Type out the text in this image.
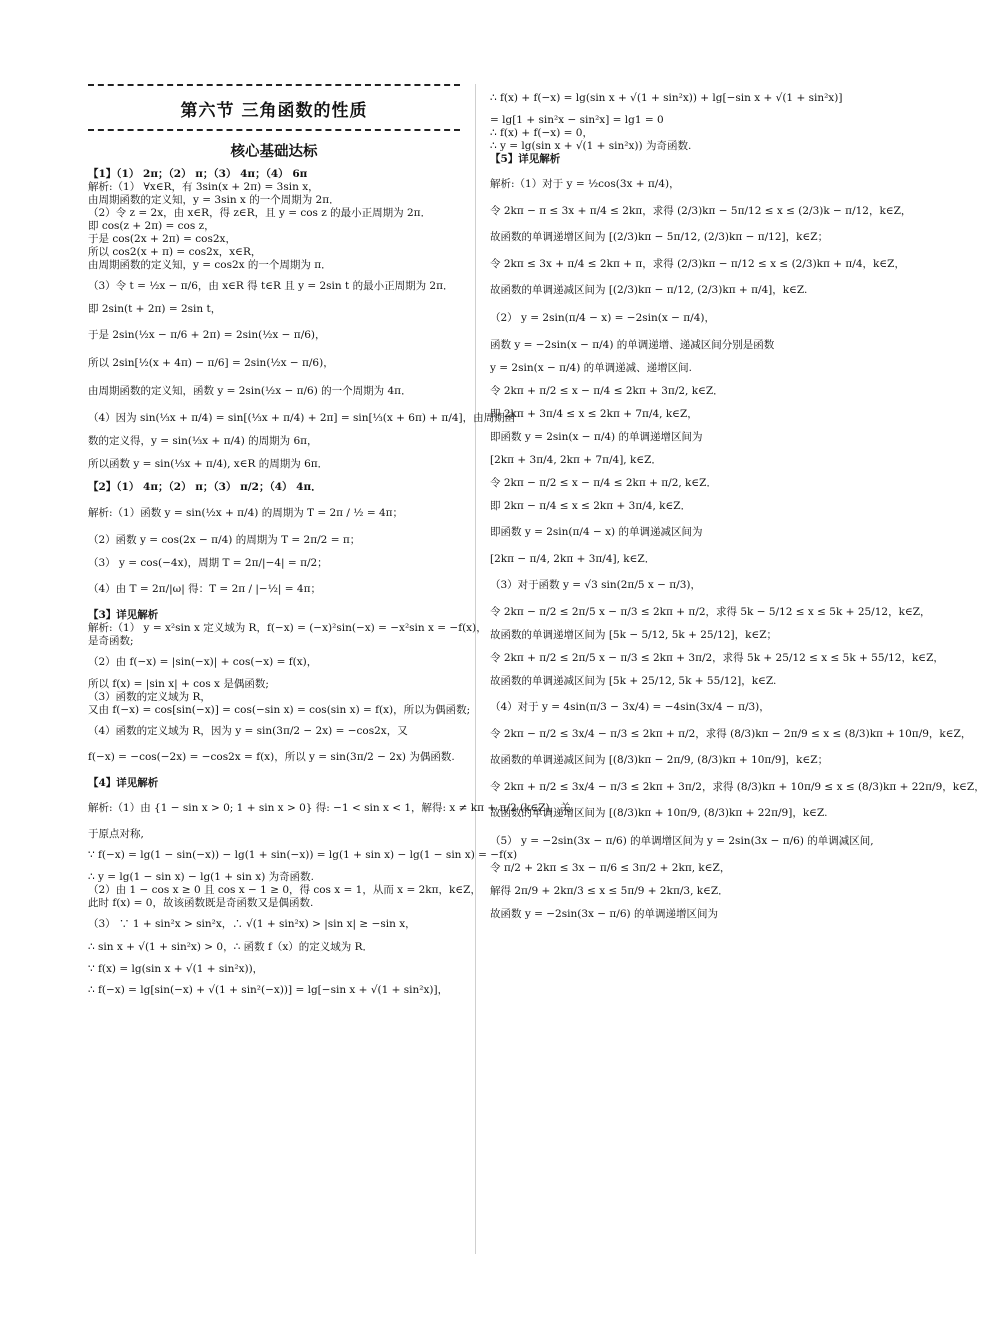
第六节 三角函数的性质
核心基础达标
【1】（1） 2π；（2） π；（3） 4π；（4） 6π
解析:（1） ∀x∈R，有 3sin(x + 2π) = 3sin x，
由周期函数的定义知，y = 3sin x 的一个周期为 2π．
（2）令 z = 2x，由 x∈R，得 z∈R，且 y = cos z 的最小正周期为 2π．
即 cos(z + 2π) = cos z，
于是 cos(2x + 2π) = cos2x，
所以 cos2(x + π) = cos2x，x∈R，
由周期函数的定义知，y = cos2x 的一个周期为 π．
（3）令 t = ½x − π/6，由 x∈R 得 t∈R 且 y = 2sin t 的最小正周期为 2π．
即 2sin(t + 2π) = 2sin t，
于是 2sin(½x − π/6 + 2π) = 2sin(½x − π/6)，
所以 2sin[½(x + 4π) − π/6] = 2sin(½x − π/6)，
由周期函数的定义知，函数 y = 2sin(½x − π/6) 的一个周期为 4π．
（4）因为 sin(⅓x + π/4) = sin[(⅓x + π/4) + 2π] = sin[⅓(x + 6π) + π/4]，由周期函
数的定义得，y = sin(⅓x + π/4) 的周期为 6π，
所以函数 y = sin(⅓x + π/4), x∈R 的周期为 6π．
【2】（1） 4π；（2） π；（3） π/2；（4） 4π．
解析:（1）函数 y = sin(½x + π/4) 的周期为 T = 2π / ½ = 4π；
（2）函数 y = cos(2x − π/4) 的周期为 T = 2π/2 = π；
（3） y = cos(−4x)，周期 T = 2π/|−4| = π/2；
（4）由 T = 2π/|ω| 得：T = 2π / |−½| = 4π；
【3】详见解析
解析:（1） y = x²sin x 定义域为 R，f(−x) = (−x)²sin(−x) = −x²sin x = −f(x)，
是奇函数;
（2）由 f(−x) = |sin(−x)| + cos(−x) = f(x)，
所以 f(x) = |sin x| + cos x 是偶函数;
（3）函数的定义域为 R，
又由 f(−x) = cos[sin(−x)] = cos(−sin x) = cos(sin x) = f(x)，所以为偶函数;
（4）函数的定义域为 R，因为 y = sin(3π/2 − 2x) = −cos2x，又
f(−x) = −cos(−2x) = −cos2x = f(x)，所以 y = sin(3π/2 − 2x) 为偶函数.
【4】详见解析
解析:（1）由 {1 − sin x > 0; 1 + sin x > 0} 得: −1 < sin x < 1，解得: x ≠ kπ + π/2 (k∈Z)，关
于原点对称,
∵ f(−x) = lg(1 − sin(−x)) − lg(1 + sin(−x)) = lg(1 + sin x) − lg(1 − sin x) = −f(x)
∴ y = lg(1 − sin x) − lg(1 + sin x) 为奇函数.
（2）由 1 − cos x ≥ 0 且 cos x − 1 ≥ 0，得 cos x = 1，从而 x = 2kπ，k∈Z，
此时 f(x) = 0，故该函数既是奇函数又是偶函数.
（3） ∵ 1 + sin²x > sin²x，∴ √(1 + sin²x) > |sin x| ≥ −sin x，
∴ sin x + √(1 + sin²x) > 0，∴ 函数 f（x）的定义域为 R．
∵ f(x) = lg(sin x + √(1 + sin²x))，
∴ f(−x) = lg[sin(−x) + √(1 + sin²(−x))] = lg[−sin x + √(1 + sin²x)]，
∴ f(x) + f(−x) = lg(sin x + √(1 + sin²x)) + lg[−sin x + √(1 + sin²x)]
= lg[1 + sin²x − sin²x] = lg1 = 0
∴ f(x) + f(−x) = 0，
∴ y = lg(sin x + √(1 + sin²x)) 为奇函数.
【5】详见解析
解析:（1）对于 y = ½cos(3x + π/4)，
令 2kπ − π ≤ 3x + π/4 ≤ 2kπ，求得 (2/3)kπ − 5π/12 ≤ x ≤ (2/3)k − π/12，k∈Z，
故函数的单调递增区间为 [(2/3)kπ − 5π/12, (2/3)kπ − π/12]，k∈Z；
令 2kπ ≤ 3x + π/4 ≤ 2kπ + π，求得 (2/3)kπ − π/12 ≤ x ≤ (2/3)kπ + π/4，k∈Z，
故函数的单调递减区间为 [(2/3)kπ − π/12, (2/3)kπ + π/4]，k∈Z.
（2） y = 2sin(π/4 − x) = −2sin(x − π/4)，
函数 y = −2sin(x − π/4) 的单调递增、递减区间分别是函数
y = 2sin(x − π/4) 的单调递减、递增区间.
令 2kπ + π/2 ≤ x − π/4 ≤ 2kπ + 3π/2, k∈Z．
即 2kπ + 3π/4 ≤ x ≤ 2kπ + 7π/4, k∈Z，
即函数 y = 2sin(x − π/4) 的单调递增区间为
[2kπ + 3π/4, 2kπ + 7π/4], k∈Z．
令 2kπ − π/2 ≤ x − π/4 ≤ 2kπ + π/2, k∈Z．
即 2kπ − π/4 ≤ x ≤ 2kπ + 3π/4, k∈Z．
即函数 y = 2sin(π/4 − x) 的单调递减区间为
[2kπ − π/4, 2kπ + 3π/4], k∈Z．
（3）对于函数 y = √3 sin(2π/5 x − π/3)，
令 2kπ − π/2 ≤ 2π/5 x − π/3 ≤ 2kπ + π/2，求得 5k − 5/12 ≤ x ≤ 5k + 25/12，k∈Z，
故函数的单调递增区间为 [5k − 5/12, 5k + 25/12]，k∈Z；
令 2kπ + π/2 ≤ 2π/5 x − π/3 ≤ 2kπ + 3π/2，求得 5k + 25/12 ≤ x ≤ 5k + 55/12，k∈Z，
故函数的单调递减区间为 [5k + 25/12, 5k + 55/12]，k∈Z.
（4）对于 y = 4sin(π/3 − 3x/4) = −4sin(3x/4 − π/3)，
令 2kπ − π/2 ≤ 3x/4 − π/3 ≤ 2kπ + π/2，求得 (8/3)kπ − 2π/9 ≤ x ≤ (8/3)kπ + 10π/9，k∈Z，
故函数的单调递减区间为 [(8/3)kπ − 2π/9, (8/3)kπ + 10π/9]，k∈Z；
令 2kπ + π/2 ≤ 3x/4 − π/3 ≤ 2kπ + 3π/2，求得 (8/3)kπ + 10π/9 ≤ x ≤ (8/3)kπ + 22π/9，k∈Z，
故函数的单调递增区间为 [(8/3)kπ + 10π/9, (8/3)kπ + 22π/9]，k∈Z.
（5） y = −2sin(3x − π/6) 的单调增区间为 y = 2sin(3x − π/6) 的单调减区间,
令 π/2 + 2kπ ≤ 3x − π/6 ≤ 3π/2 + 2kπ, k∈Z，
解得 2π/9 + 2kπ/3 ≤ x ≤ 5π/9 + 2kπ/3, k∈Z．
故函数 y = −2sin(3x − π/6) 的单调递增区间为
